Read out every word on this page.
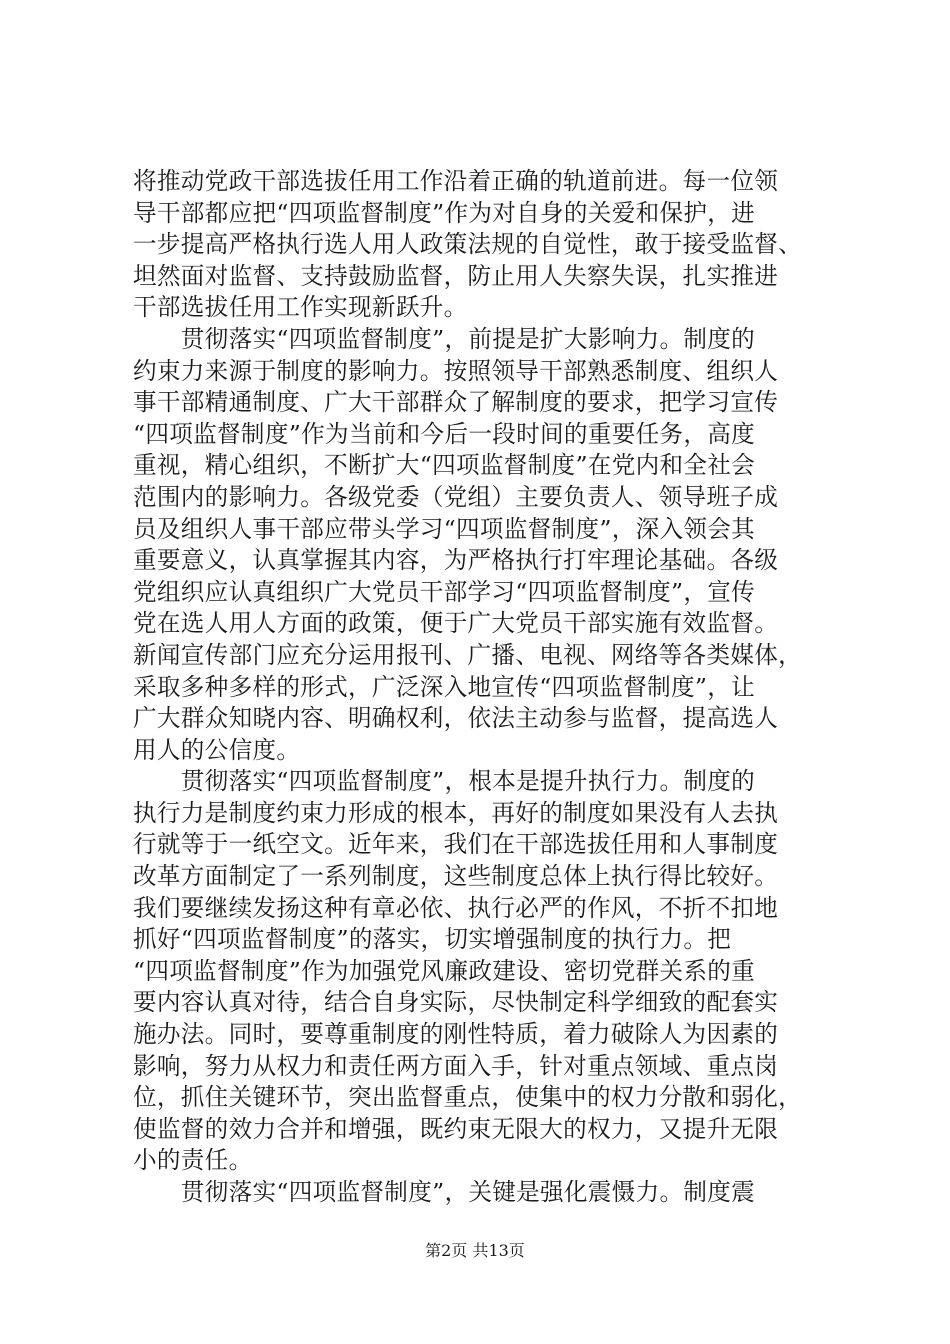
将推动党政干部选拔任用工作沿着正确的轨道前进。每一位领
导干部都应把“四项监督制度”作为对自身的关爱和保护，进
一步提高严格执行选人用人政策法规的自觉性，敢于接受监督、
坦然面对监督、支持鼓励监督，防止用人失察失误，扎实推进
干部选拔任用工作实现新跃升。
　　贯彻落实“四项监督制度”，前提是扩大影响力。制度的
约束力来源于制度的影响力。按照领导干部熟悉制度、组织人
事干部精通制度、广大干部群众了解制度的要求，把学习宣传
“四项监督制度”作为当前和今后一段时间的重要任务，高度
重视，精心组织，不断扩大“四项监督制度”在党内和全社会
范围内的影响力。各级党委（党组）主要负责人、领导班子成
员及组织人事干部应带头学习“四项监督制度”，深入领会其
重要意义，认真掌握其内容，为严格执行打牢理论基础。各级
党组织应认真组织广大党员干部学习“四项监督制度”，宣传
党在选人用人方面的政策，便于广大党员干部实施有效监督。
新闻宣传部门应充分运用报刊、广播、电视、网络等各类媒体，
采取多种多样的形式，广泛深入地宣传“四项监督制度”，让
广大群众知晓内容、明确权利，依法主动参与监督，提高选人
用人的公信度。
　　贯彻落实“四项监督制度”，根本是提升执行力。制度的
执行力是制度约束力形成的根本，再好的制度如果没有人去执
行就等于一纸空文。近年来，我们在干部选拔任用和人事制度
改革方面制定了一系列制度，这些制度总体上执行得比较好。
我们要继续发扬这种有章必依、执行必严的作风，不折不扣地
抓好“四项监督制度”的落实，切实增强制度的执行力。把
“四项监督制度”作为加强党风廉政建设、密切党群关系的重
要内容认真对待，结合自身实际，尽快制定科学细致的配套实
施办法。同时，要尊重制度的刚性特质，着力破除人为因素的
影响，努力从权力和责任两方面入手，针对重点领域、重点岗
位，抓住关键环节，突出监督重点，使集中的权力分散和弱化，
使监督的效力合并和增强，既约束无限大的权力，又提升无限
小的责任。
　　贯彻落实“四项监督制度”，关键是强化震慑力。制度震
第2页 共13页
